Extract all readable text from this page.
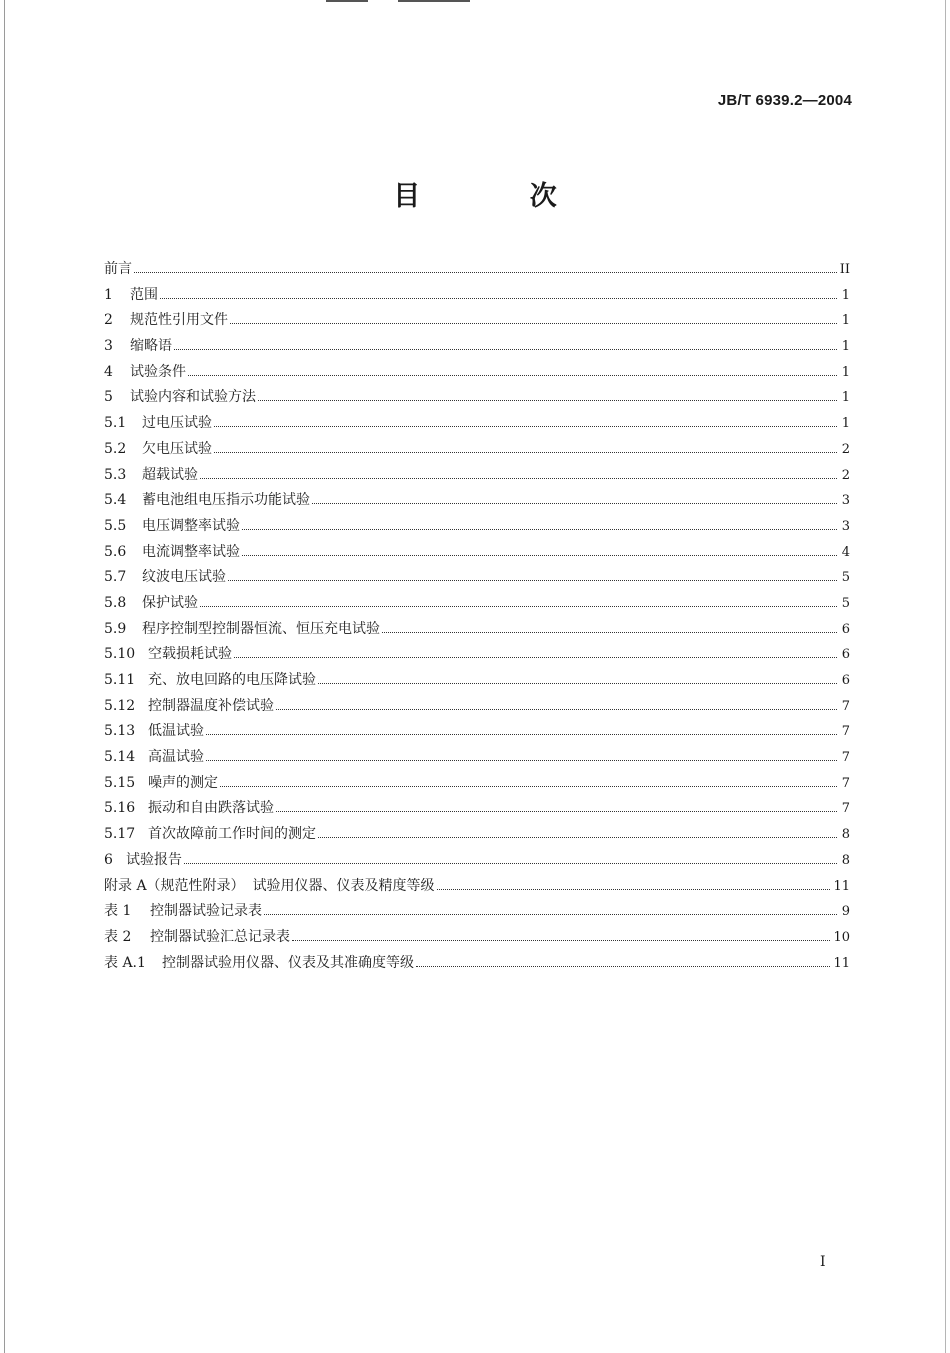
JB/T 6939.2—2004
目 次
前言	II
1	范围	1
2	规范性引用文件	1
3	缩略语	1
4	试验条件	1
5	试验内容和试验方法	1
5.1	过电压试验	1
5.2	欠电压试验	2
5.3	超载试验	2
5.4	蓄电池组电压指示功能试验	3
5.5	电压调整率试验	3
5.6	电流调整率试验	4
5.7	纹波电压试验	5
5.8	保护试验	5
5.9	程序控制型控制器恒流、恒压充电试验	6
5.10 空载损耗试验	6
5.11 充、放电回路的电压降试验	6
5.12 控制器温度补偿试验	7
5.13 低温试验	7
5.14 高温试验	7
5.15 噪声的测定	7
5.16 振动和自由跌落试验	7
5.17 首次故障前工作时间的测定	8
6 试验报告	8
附录 A（规范性附录） 试验用仪器、仪表及精度等级	11
表 1	控制器试验记录表	9
表 2	控制器试验汇总记录表	10
表 A.1	控制器试验用仪器、仪表及其准确度等级	11
I
